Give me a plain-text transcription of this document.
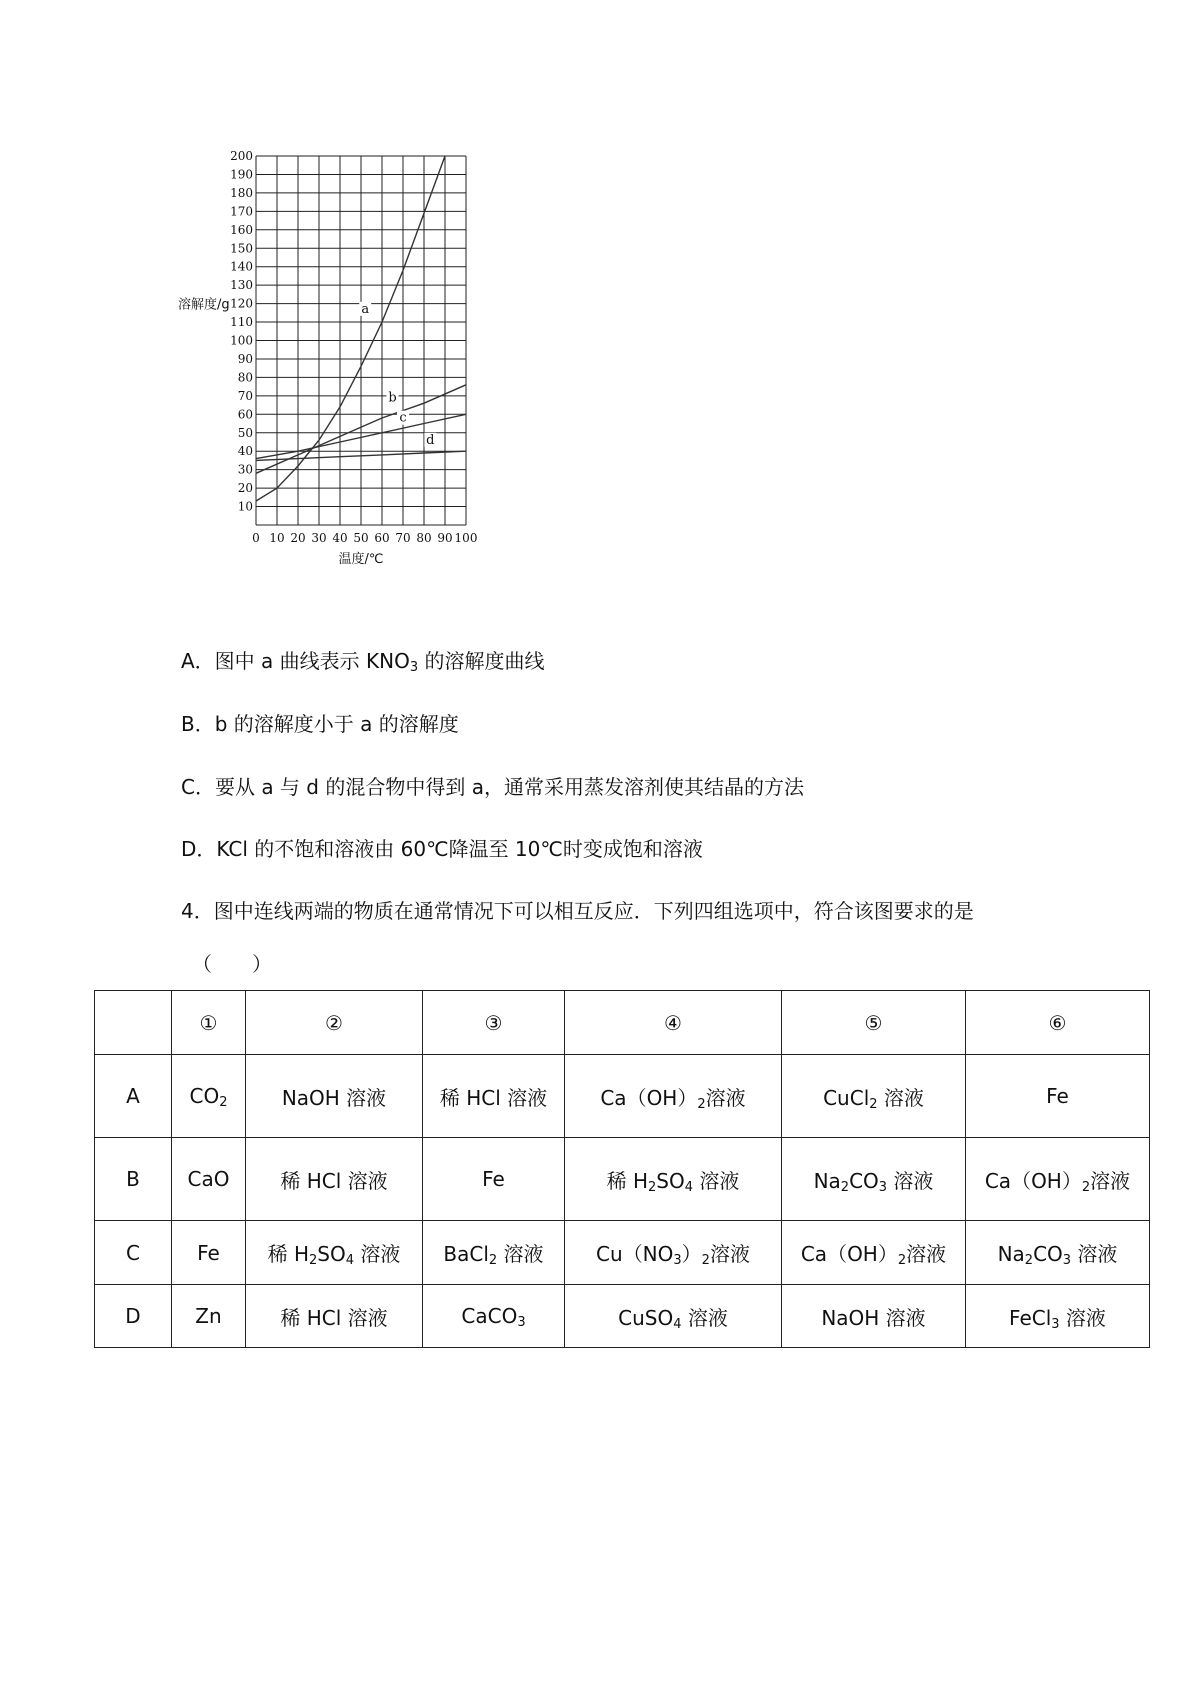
0 10 20 30 40 50 60 70 80 90 100
10
20
30
40
50
60
70
80
90
100
110
120
130
140
150
160
170
180
190
200
溶解度/g
温度/℃
a
b
c
d
A．图中 a 曲线表示 $KNO_3$ 的溶解度曲线
B．b 的溶解度小于 a 的溶解度
C．要从 a 与 d 的混合物中得到 a，通常采用蒸发溶剂使其结晶的方法
D．KCl 的不饱和溶液由 60℃降温至 10℃时变成饱和溶液
4．图中连线两端的物质在通常情况下可以相互反应．下列四组选项中，符合该图要求的是
（　　）
	①	②	③	④	⑤	⑥
A	$CO_2$	NaOH 溶液	稀 HCl 溶液	$Ca(OH)_2$溶液	CuCl$_2$ 溶液	Fe
B	CaO	稀 HCl 溶液	Fe	稀 $H_2SO_4$ 溶液	$Na_2CO_3$ 溶液	$Ca(OH)_2$溶液
C	Fe	稀 $H_2SO_4$ 溶液	BaCl$_2$ 溶液	$Cu(NO_3)_2$溶液	$Ca(OH)_2$溶液	$Na_2CO_3$ 溶液
D	Zn	稀 HCl 溶液	CaCO$_3$	CuSO$_4$ 溶液	NaOH 溶液	FeCl$_3$ 溶液
